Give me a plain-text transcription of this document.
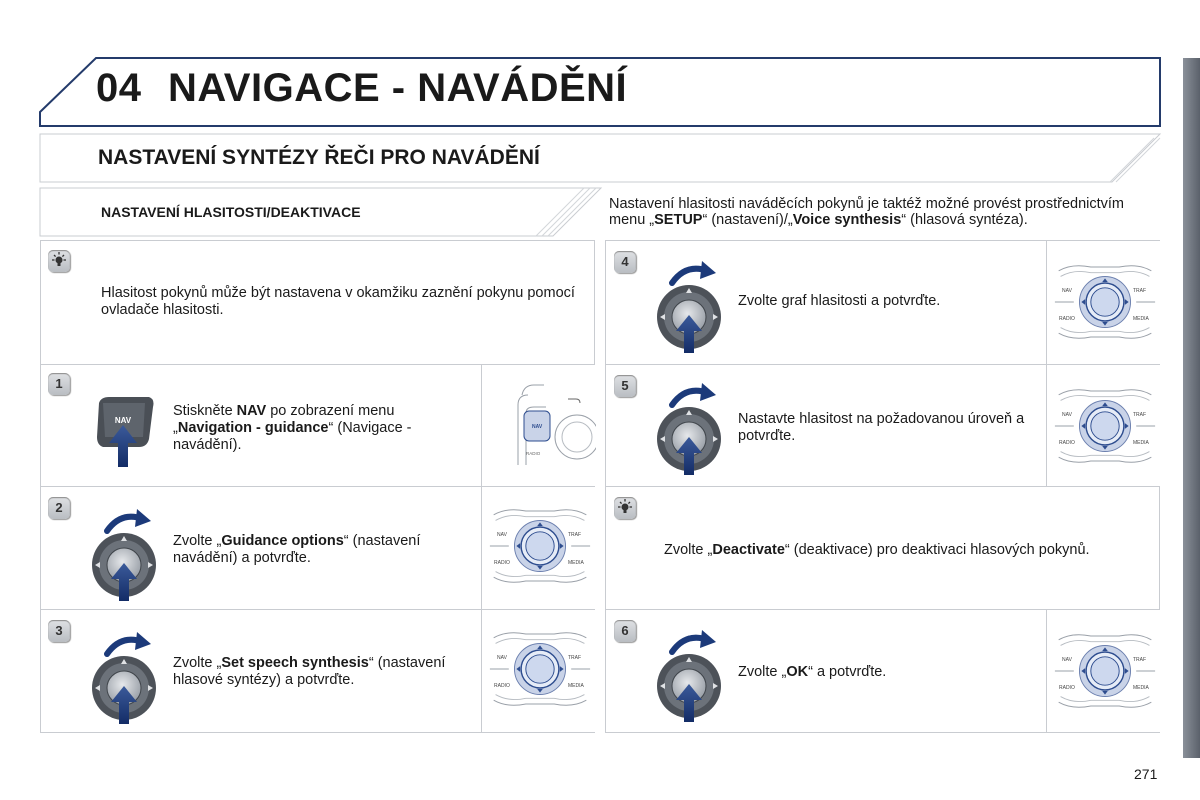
04 NAVIGACE - NAVÁDĚNÍ
NASTAVENÍ SYNTÉZY ŘEČI PRO NAVÁDĚNÍ
NASTAVENÍ HLASITOSTI/DEAKTIVACE	Nastavení hlasitosti naváděcích pokynů je taktéž možné provést prostřednictvím
menu „SETUP“ (nastavení)/„Voice synthesis“ (hlasová syntéza).
Hlasitost pokynů může být nastavena v okamžiku zaznění pokynu pomocí ovladače hlasitosti.
1
NAV
Stiskněte NAV po zobrazení menu „Navigation - guidance“ (Navigace - navádění).
NAV
RADIO
2
Zvolte „Guidance options“ (nastavení navádění) a potvrďte.
NAV	TRAF
RADIO	MEDIA
3
Zvolte „Set speech synthesis“ (nastavení hlasové syntézy) a potvrďte.
NAV	TRAF
RADIO	MEDIA
4
Zvolte graf hlasitosti a potvrďte.
NAV	TRAF
RADIO	MEDIA
5
Nastavte hlasitost na požadovanou úroveň a potvrďte.
NAV	TRAF
RADIO	MEDIA
Zvolte „Deactivate“ (deaktivace) pro deaktivaci hlasových pokynů.
6
Zvolte „OK“ a potvrďte.
NAV	TRAF
RADIO	MEDIA
271
